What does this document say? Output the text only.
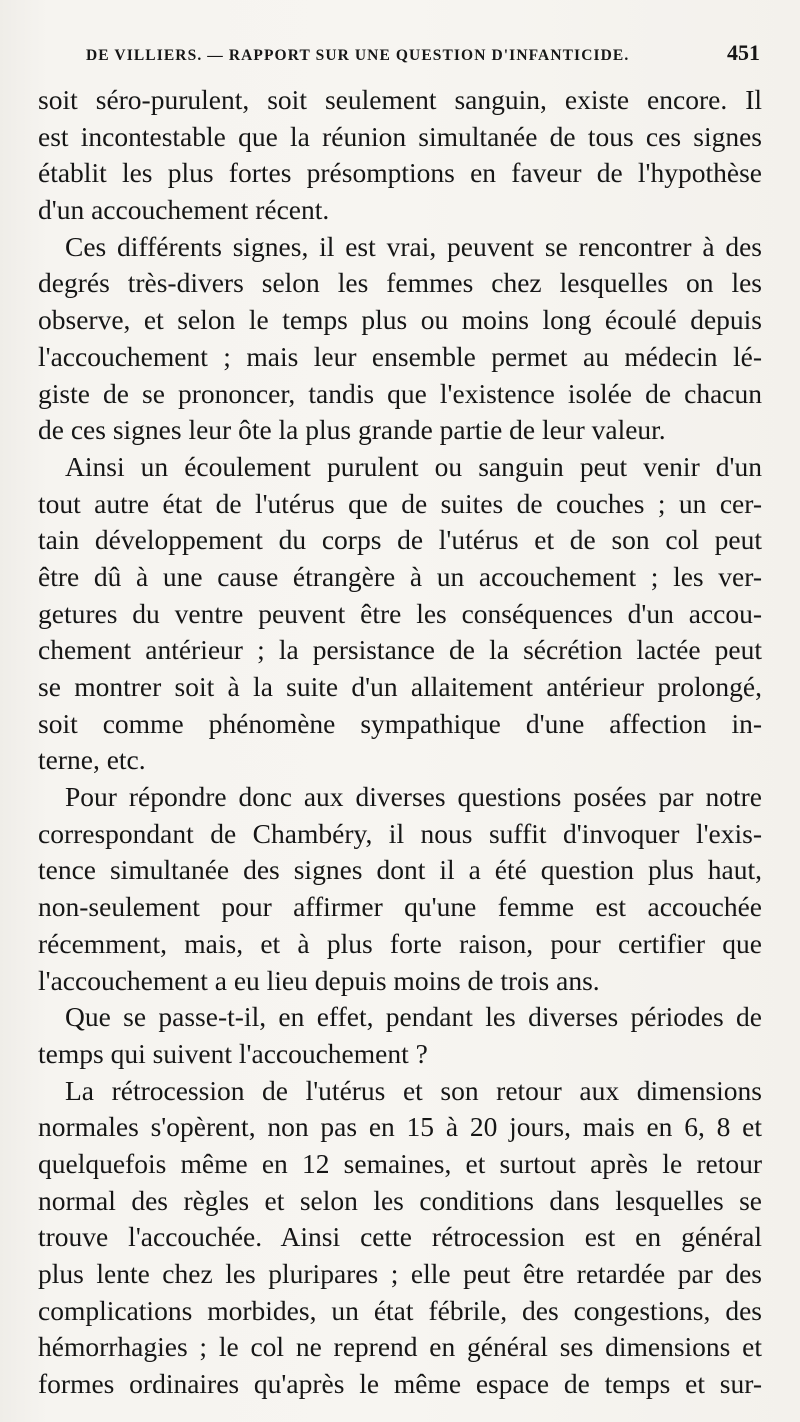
DE VILLIERS. — RAPPORT SUR UNE QUESTION D'INFANTICIDE.	451
soit séro-purulent, soit seulement sanguin, existe encore. Il
est incontestable que la réunion simultanée de tous ces signes
établit les plus fortes présomptions en faveur de l'hypothèse
d'un accouchement récent.
Ces différents signes, il est vrai, peuvent se rencontrer à des
degrés très-divers selon les femmes chez lesquelles on les
observe, et selon le temps plus ou moins long écoulé depuis
l'accouchement ; mais leur ensemble permet au médecin lé-
giste de se prononcer, tandis que l'existence isolée de chacun
de ces signes leur ôte la plus grande partie de leur valeur.
Ainsi un écoulement purulent ou sanguin peut venir d'un
tout autre état de l'utérus que de suites de couches ; un cer-
tain développement du corps de l'utérus et de son col peut
être dû à une cause étrangère à un accouchement ; les ver-
getures du ventre peuvent être les conséquences d'un accou-
chement antérieur ; la persistance de la sécrétion lactée peut
se montrer soit à la suite d'un allaitement antérieur prolongé,
soit comme phénomène sympathique d'une affection in-
terne, etc.
Pour répondre donc aux diverses questions posées par notre
correspondant de Chambéry, il nous suffit d'invoquer l'exis-
tence simultanée des signes dont il a été question plus haut,
non-seulement pour affirmer qu'une femme est accouchée
récemment, mais, et à plus forte raison, pour certifier que
l'accouchement a eu lieu depuis moins de trois ans.
Que se passe-t-il, en effet, pendant les diverses périodes de
temps qui suivent l'accouchement ?
La rétrocession de l'utérus et son retour aux dimensions
normales s'opèrent, non pas en 15 à 20 jours, mais en 6, 8 et
quelquefois même en 12 semaines, et surtout après le retour
normal des règles et selon les conditions dans lesquelles se
trouve l'accouchée. Ainsi cette rétrocession est en général
plus lente chez les pluripares ; elle peut être retardée par des
complications morbides, un état fébrile, des congestions, des
hémorrhagies ; le col ne reprend en général ses dimensions et
formes ordinaires qu'après le même espace de temps et sur-
